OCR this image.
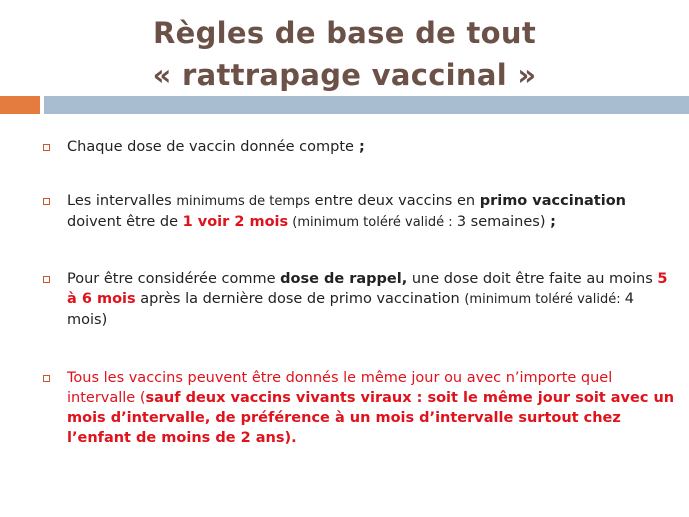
Règles de base de tout
« rattrapage vaccinal »
Chaque dose de vaccin donnée compte ;
Les intervalles minimums de temps entre deux vaccins en primo vaccination doivent être de 1 voir 2 mois (minimum toléré validé : 3 semaines) ;
Pour être considérée comme dose de rappel, une dose doit être faite au moins 5 à 6 mois après la dernière dose de primo vaccination (minimum toléré validé: 4 mois)
Tous les vaccins peuvent être donnés le même jour ou avec n’importe quel intervalle (sauf deux vaccins vivants viraux : soit le même jour soit avec un mois d’intervalle, de préférence à un mois d’intervalle surtout chez l’enfant de moins de 2 ans).
